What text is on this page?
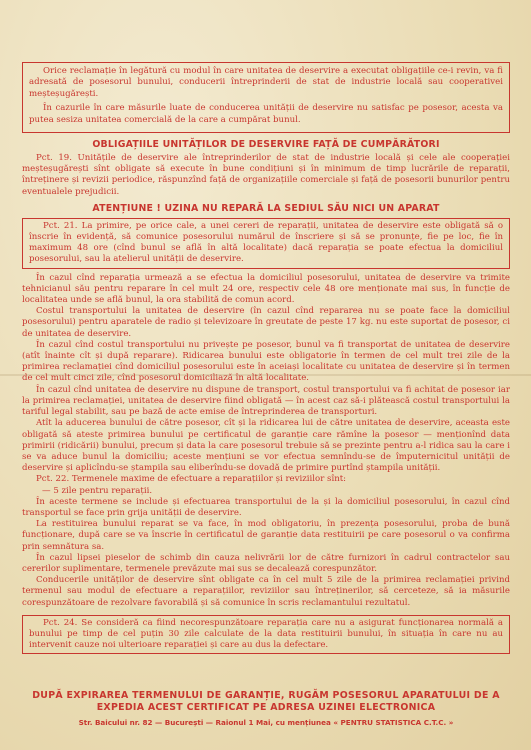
Orice reclamație în legătură cu modul în care unitatea de deservire a executat obligațiile ce-i revin, va fi adresată de posesorul bunului, conducerii întreprinderii de stat de industrie locală sau cooperativei meșteșugărești.

În cazurile în care măsurile luate de conducerea unității de deservire nu satisfac pe posesor, acesta va putea sesiza unitatea comercială de la care a cumpărat bunul.

OBLIGAȚIILE UNITĂȚILOR DE DESERVIRE FAȚĂ DE CUMPĂRĂTORI

Pct. 19. Unitățile de deservire ale întreprinderilor de stat de industrie locală și cele ale cooperației meșteșugărești sînt obligate să execute în bune condițiuni și în minimum de timp lucrările de reparații, întreținere și revizii periodice, răspunzînd față de organizațiile comerciale și față de posesorii bunurilor pentru eventualele prejudicii.

ATENȚIUNE ! UZINA NU REPARĂ LA SEDIUL SĂU NICI UN APARAT

Pct. 21. La primire, pe orice cale, a unei cereri de reparații, unitatea de deservire este obligată să o înscrie în evidență, să comunice posesorului numărul de înscriere și să se pronunțe, fie pe loc, fie în maximum 48 ore (cînd bunul se află în altă localitate) dacă reparația se poate efectua la domiciliul posesorului, sau la atelierul unității de deservire.

În cazul cînd reparația urmează a se efectua la domiciliul posesorului, unitatea de deservire va trimite tehnicianul său pentru reparare în cel mult 24 ore, respectiv cele 48 ore menționate mai sus, în funcție de localitatea unde se află bunul, la ora stabilită de comun acord.

Costul transportului la unitatea de deservire (în cazul cînd repararea nu se poate face la domiciliul posesorului) pentru aparatele de radio și televizoare în greutate de peste 17 kg. nu este suportat de posesor, ci de unitatea de deservire.

În cazul cînd costul transportului nu privește pe posesor, bunul va fi transportat de unitatea de deservire (atît înainte cît și după reparare). Ridicarea bunului este obligatorie în termen de cel mult trei zile de la primirea reclamației cînd domiciliul posesorului este în aceiași localitate cu unitatea de deservire și în termen de cel mult cinci zile, cînd posesorul domiciliază în altă localitate.

În cazul cînd unitatea de deservire nu dispune de transport, costul transportului va fi achitat de posesor iar la primirea reclamației, unitatea de deservire fiind obligată — în acest caz să-i plătească costul transportului la tariful legal stabilit, sau pe bază de acte emise de întreprinderea de transporturi.

Atît la aducerea bunului de către posesor, cît și la ridicarea lui de către unitatea de deservire, aceasta este obligată să ateste primirea bunului pe certificatul de garanție care rămîne la posesor — menționînd data primirii (ridicării) bunului, precum și data la care posesorul trebuie să se prezinte pentru a-l ridica sau la care i se va aduce bunul la domiciliu; aceste mențiuni se vor efectua semnîndu-se de împuternicitul unității de deservire și aplicîndu-se ștampila sau eliberîndu-se dovadă de primire purtînd ștampila unității.

Pct. 22. Termenele maxime de efectuare a reparațiilor și reviziilor sînt:

— 5 zile pentru reparații.

În aceste termene se include și efectuarea transportului de la și la domiciliul posesorului, în cazul cînd transportul se face prin grija unității de deservire.

La restituirea bunului reparat se va face, în mod obligatoriu, în prezența posesorului, proba de bună funcționare, după care se va înscrie în certificatul de garanție data restituirii pe care posesorul o va confirma prin semnătura sa.

În cazul lipsei pieselor de schimb din cauza nelivrării lor de către furnizori în cadrul contractelor sau cererilor suplimentare, termenele prevăzute mai sus se decalează corespunzător.

Conducerile unităților de deservire sînt obligate ca în cel mult 5 zile de la primirea reclamației privind termenul sau modul de efectuare a reparațiilor, reviziilor sau întreținerilor, să cerceteze, să ia măsurile corespunzătoare de rezolvare favorabilă și să comunice în scris reclamantului rezultatul.

Pct. 24. Se consideră ca fiind necorespunzătoare reparația care nu a asigurat funcționarea normală a bunului pe timp de cel puțin 30 zile calculate de la data restituirii bunului, în situația în care nu au intervenit cauze noi ulterioare reparației și care au dus la defectare.

DUPĂ EXPIRAREA TERMENULUI DE GARANȚIE, RUGĂM POSESORUL APARATULUI DE A
EXPEDIA ACEST CERTIFICAT PE ADRESA UZINEI ELECTRONICA
Str. Baicului nr. 82 — București — Raionul 1 Mai, cu mențiunea « PENTRU STATISTICA C.T.C. »
